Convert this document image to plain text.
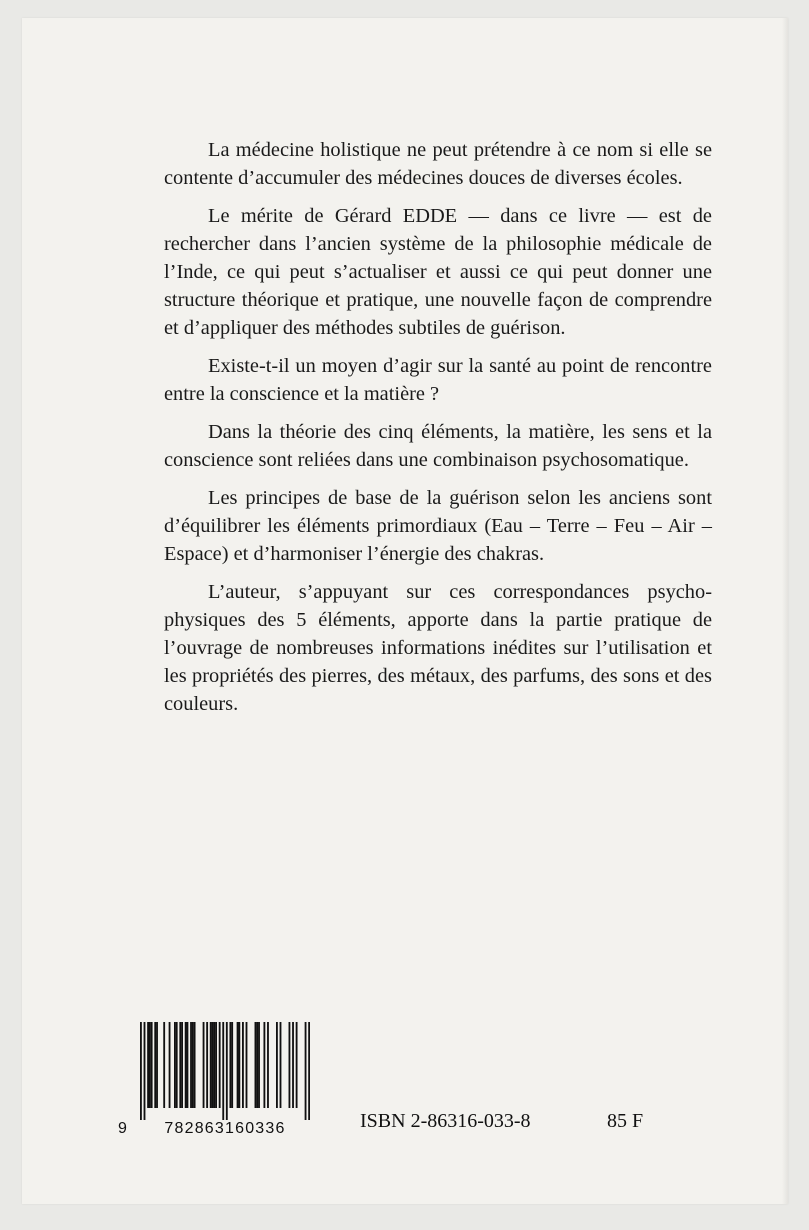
La médecine holistique ne peut prétendre à ce nom si elle se contente d’accumuler des médecines douces de diverses écoles.

Le mérite de Gérard EDDE — dans ce livre — est de rechercher dans l’ancien système de la philosophie médicale de l’Inde, ce qui peut s’actualiser et aussi ce qui peut donner une structure théorique et pratique, une nouvelle façon de comprendre et d’appliquer des méthodes subtiles de guérison.

Existe-t-il un moyen d’agir sur la santé au point de rencontre entre la conscience et la matière ?

Dans la théorie des cinq éléments, la matière, les sens et la conscience sont reliées dans une combinaison psychosomatique.

Les principes de base de la guérison selon les anciens sont d’équilibrer les éléments primordiaux (Eau – Terre – Feu – Air – Espace) et d’harmoniser l’énergie des chakras.

L’auteur, s’appuyant sur ces correspondances psycho-physiques des 5 éléments, apporte dans la partie pratique de l’ouvrage de nombreuses informations inédites sur l’utilisation et les propriétés des pierres, des métaux, des parfums, des sons et des couleurs.

9	782863160336	ISBN 2-86316-033-8	85 F
